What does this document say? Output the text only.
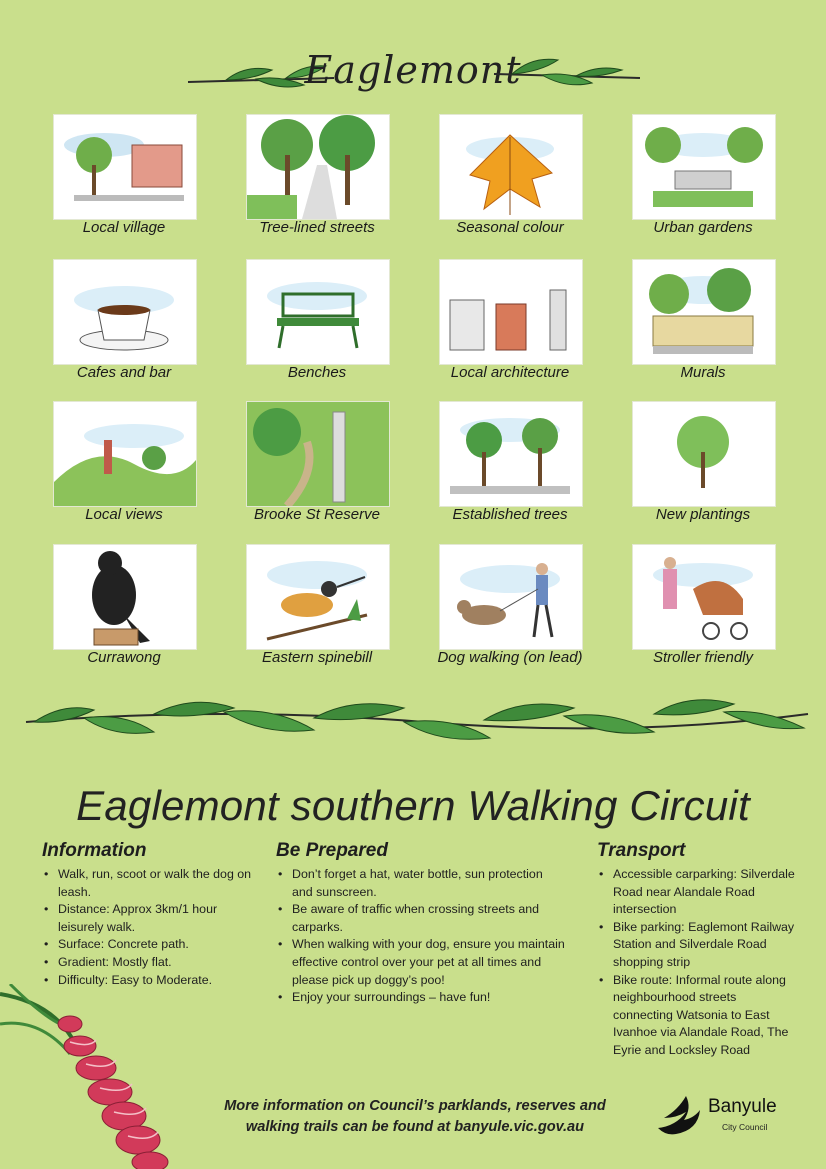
Eaglemont
Local village	Tree-lined streets	Seasonal colour	Urban gardens
Cafes and bar	Benches	Local architecture	Murals
Local views	Brooke St Reserve	Established trees	New plantings
Currawong	Eastern spinebill	Dog walking (on lead)	Stroller friendly
Eaglemont southern Walking Circuit
Information
• Walk, run, scoot or walk the dog on leash.
• Distance: Approx 3km/1 hour leisurely walk.
• Surface: Concrete path.
• Gradient: Mostly flat.
• Difficulty: Easy to Moderate.
Be Prepared
• Don’t forget a hat, water bottle, sun protection and sunscreen.
• Be aware of traffic when crossing streets and carparks.
• When walking with your dog, ensure you maintain effective control over your pet at all times and please pick up doggy’s poo!
• Enjoy your surroundings – have fun!
Transport
• Accessible carparking: Silverdale Road near Alandale Road intersection
• Bike parking: Eaglemont Railway Station and Silverdale Road shopping strip
• Bike route: Informal route along neighbourhood streets connecting Watsonia to East Ivanhoe via Alandale Road, The Eyrie and Locksley Road
More information on Council’s parklands, reserves and
walking trails can be found at banyule.vic.gov.au
Banyule
City Council
